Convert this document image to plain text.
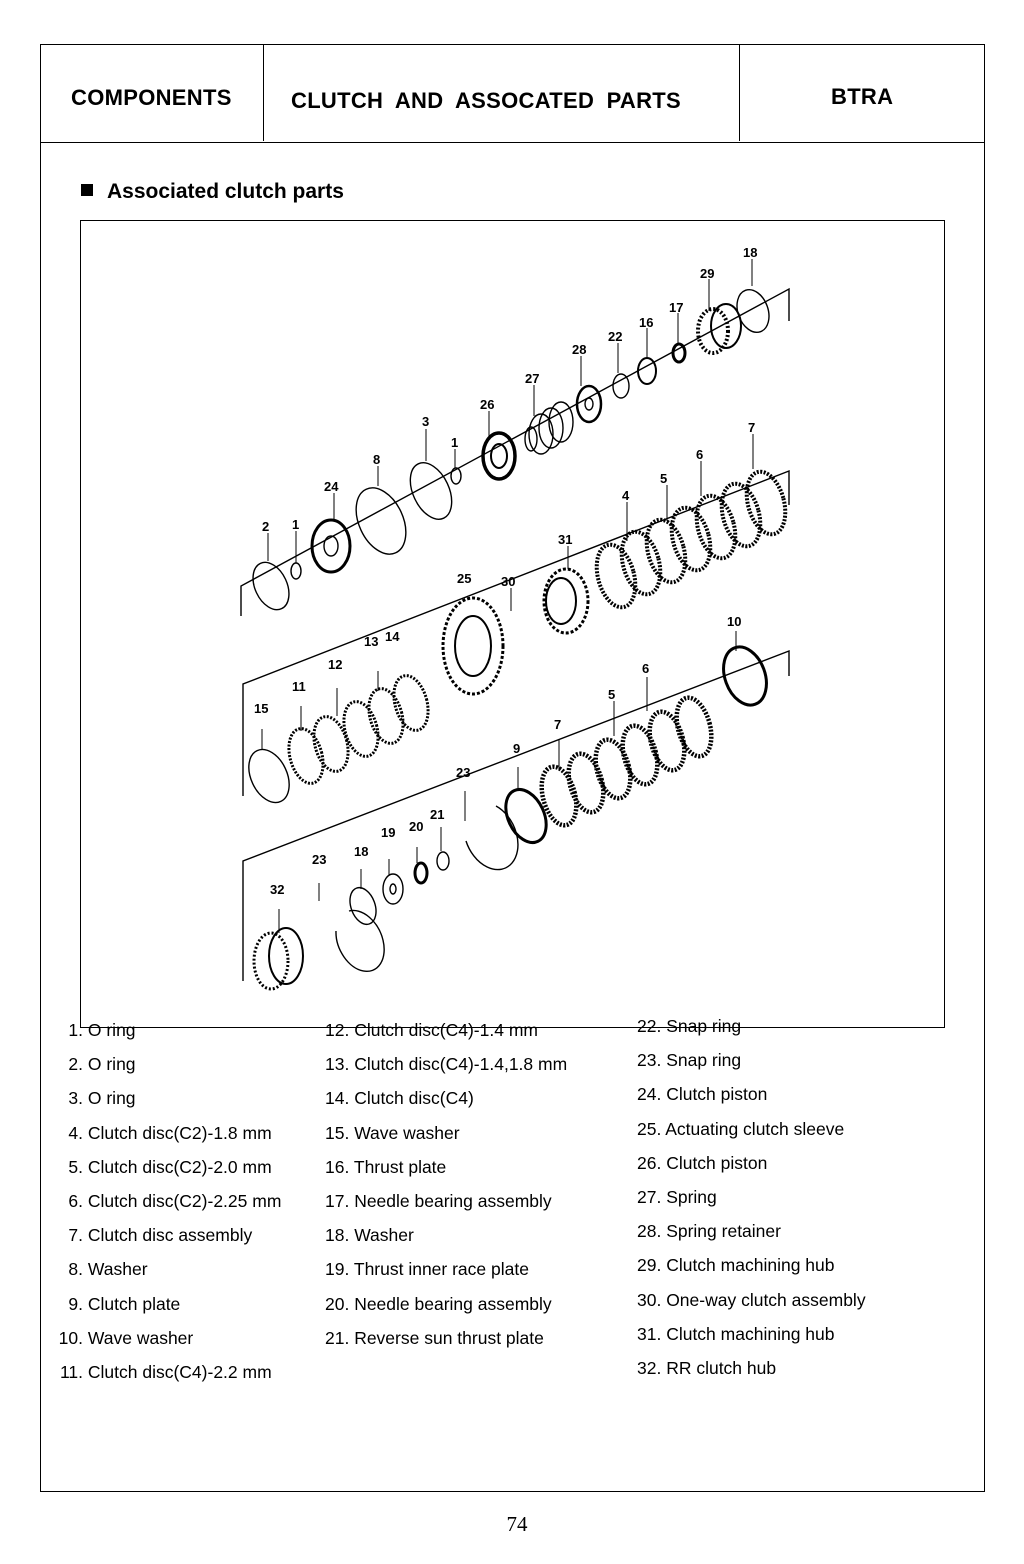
COMPONENTS	CLUTCH AND ASSOCATED PARTS	BTRA
Associated clutch parts
18
29
17
16
22
28
27
26
3
1
8
24
2 1
7
6
5
4
31
30
25
13 14
12
11
15
10
6
5
7
9
23
21
20
19
18
23
32
1. O ring
2. O ring
3. O ring
4. Clutch disc(C2)-1.8 mm
5. Clutch disc(C2)-2.0 mm
6. Clutch disc(C2)-2.25 mm
7. Clutch disc assembly
8. Washer
9. Clutch plate
10. Wave washer
11. Clutch disc(C4)-2.2 mm
12. Clutch disc(C4)-1.4 mm
13. Clutch disc(C4)-1.4,1.8 mm
14. Clutch disc(C4)
15. Wave washer
16. Thrust plate
17. Needle bearing assembly
18. Washer
19. Thrust inner race plate
20. Needle bearing assembly
21. Reverse sun thrust plate
22. Snap ring
23. Snap ring
24. Clutch piston
25. Actuating clutch sleeve
26. Clutch piston
27. Spring
28. Spring retainer
29. Clutch machining hub
30. One-way clutch assembly
31. Clutch machining hub
32. RR clutch hub
74
